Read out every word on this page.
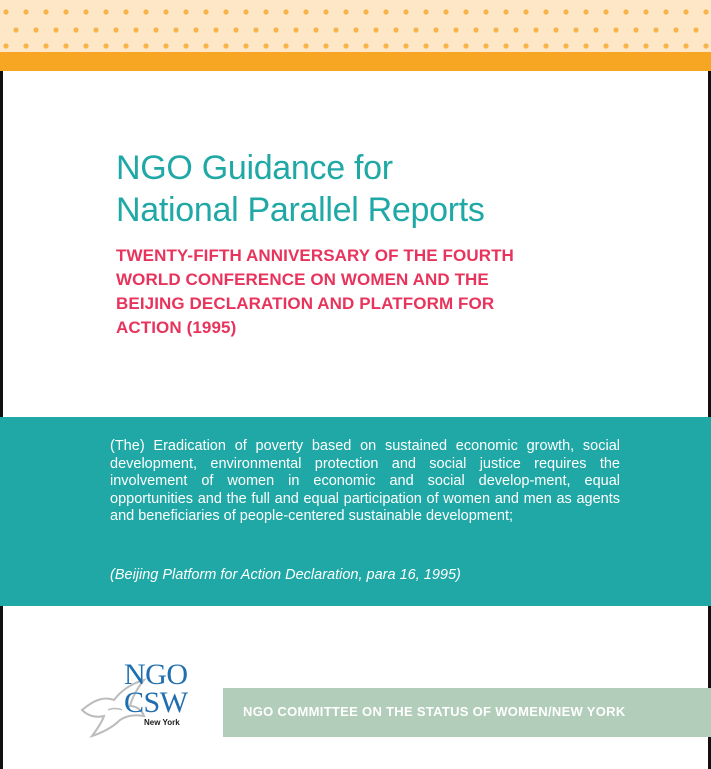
NGO Guidance for
National Parallel Reports
TWENTY-FIFTH ANNIVERSARY OF THE FOURTH
WORLD CONFERENCE ON WOMEN AND THE
BEIJING DECLARATION AND PLATFORM FOR
ACTION (1995)

(The) Eradication of poverty based on sustained economic growth, social development, environmental protection and social justice requires the involvement of women in economic and social develop-ment, equal opportunities and the full and equal participation of women and men as agents and beneficiaries of people-centered sustainable development;

(Beijing Platform for Action Declaration, para 16, 1995)

NGO
CSW
New York
NGO COMMITTEE ON THE STATUS OF WOMEN/NEW YORK
